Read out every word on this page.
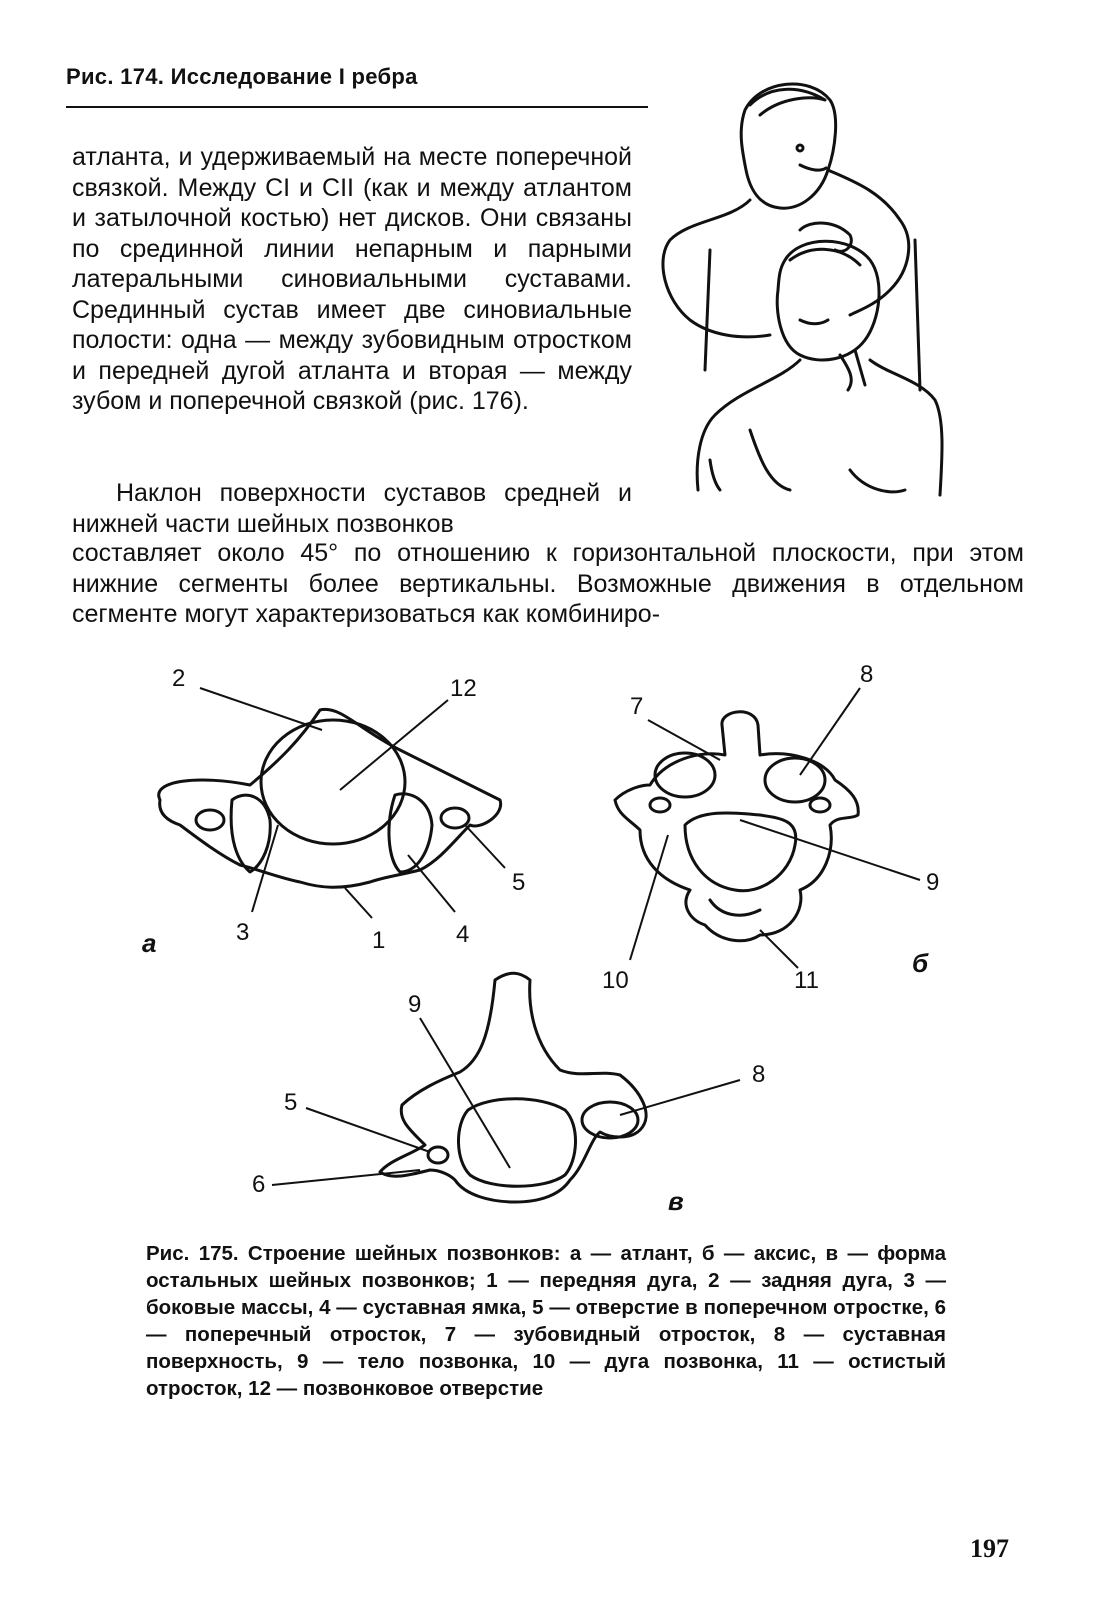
Рис. 174. Исследование I ребра
атланта, и удерживаемый на месте поперечной связкой. Между CI и CII (как и между атлантом и затылочной костью) нет дисков. Они связаны по срединной линии непарным и парными латеральными синовиальными суставами. Срединный сустав имеет две синовиальные полости: одна — между зубовидным отростком и передней дугой атланта и вторая — между зубом и поперечной связкой (рис. 176).
Наклон поверхности суставов средней и нижней части шейных позвонков
составляет около 45° по отношению к горизонтальной плоскости, при этом нижние сегменты более вертикальны. Возможные движения в отдельном сегменте могут характеризоваться как комбиниро-
2	12
5
3	1	4
а
8
7
9
10	11
б
9
8
5
6
в
Рис. 175. Строение шейных позвонков: а — атлант, б — аксис, в — форма остальных шейных позвонков; 1 — передняя дуга, 2 — задняя дуга, 3 — боковые массы, 4 — суставная ямка, 5 — отверстие в поперечном отростке, 6 — поперечный отросток, 7 — зубовидный отросток, 8 — суставная поверхность, 9 — тело позвонка, 10 — дуга позвонка, 11 — остистый отросток, 12 — позвонковое отверстие
197
